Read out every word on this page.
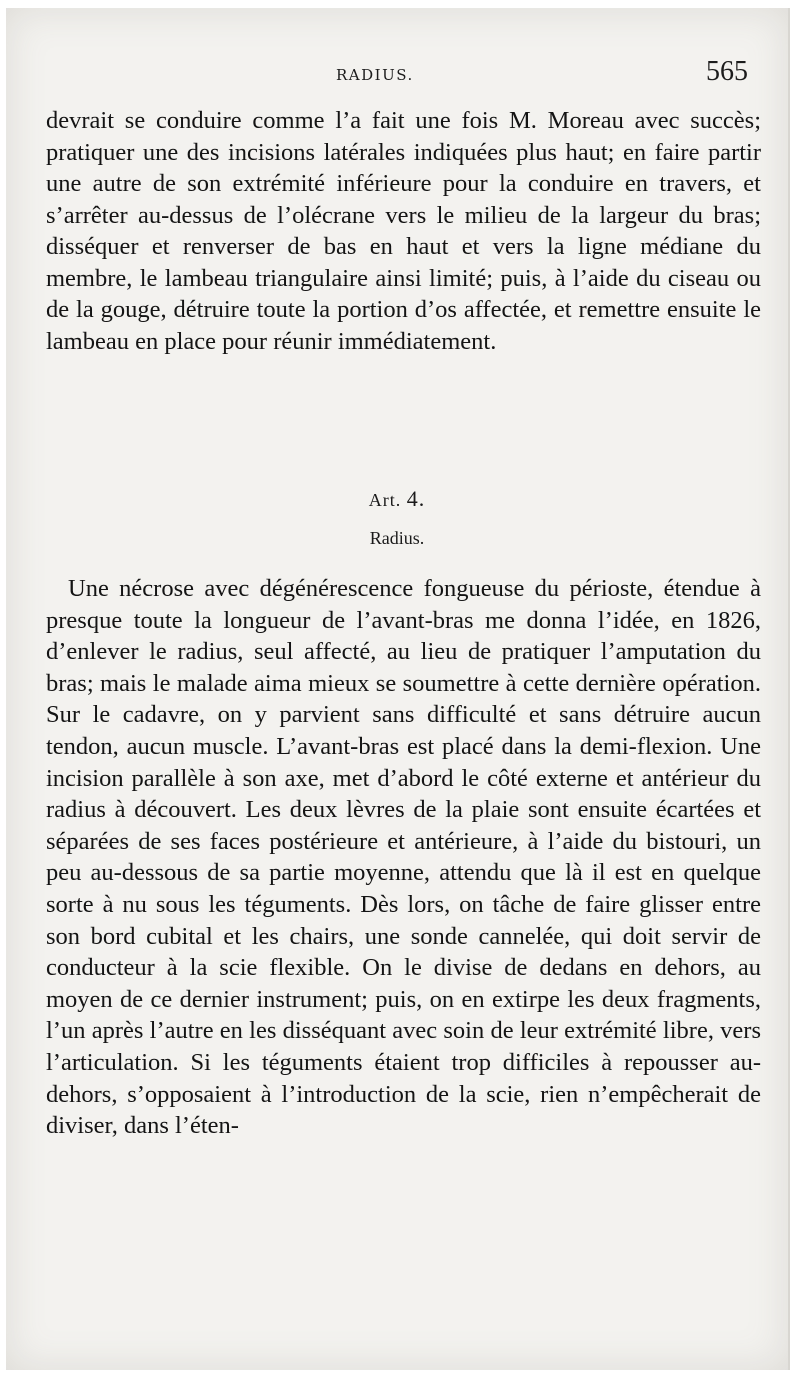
RADIUS.	565

devrait se conduire comme l’a fait une fois M. Moreau avec succès; pratiquer une des incisions latérales indiquées plus haut; en faire partir une autre de son extrémité inférieure pour la conduire en travers, et s’arrêter au-dessus de l’olécrane vers le milieu de la largeur du bras; disséquer et renverser de bas en haut et vers la ligne médiane du membre, le lambeau triangulaire ainsi limité; puis, à l’aide du ciseau ou de la gouge, détruire toute la portion d’os affectée, et remettre ensuite le lambeau en place pour réunir immédiatement.

Art. 4.
Radius.

Une nécrose avec dégénérescence fongueuse du périoste, étendue à presque toute la longueur de l’avant-bras me donna l’idée, en 1826, d’enlever le radius, seul affecté, au lieu de pratiquer l’amputation du bras; mais le malade aima mieux se soumettre à cette dernière opération. Sur le cadavre, on y parvient sans difficulté et sans détruire aucun tendon, aucun muscle. L’avant-bras est placé dans la demi-flexion. Une incision parallèle à son axe, met d’abord le côté externe et antérieur du radius à découvert. Les deux lèvres de la plaie sont ensuite écartées et séparées de ses faces postérieure et antérieure, à l’aide du bistouri, un peu au-dessous de sa partie moyenne, attendu que là il est en quelque sorte à nu sous les téguments. Dès lors, on tâche de faire glisser entre son bord cubital et les chairs, une sonde cannelée, qui doit servir de conducteur à la scie flexible. On le divise de dedans en dehors, au moyen de ce dernier instrument; puis, on en extirpe les deux fragments, l’un après l’autre en les disséquant avec soin de leur extrémité libre, vers l’articulation. Si les téguments étaient trop difficiles à repousser au-dehors, s’opposaient à l’introduction de la scie, rien n’empêcherait de diviser, dans l’éten-
